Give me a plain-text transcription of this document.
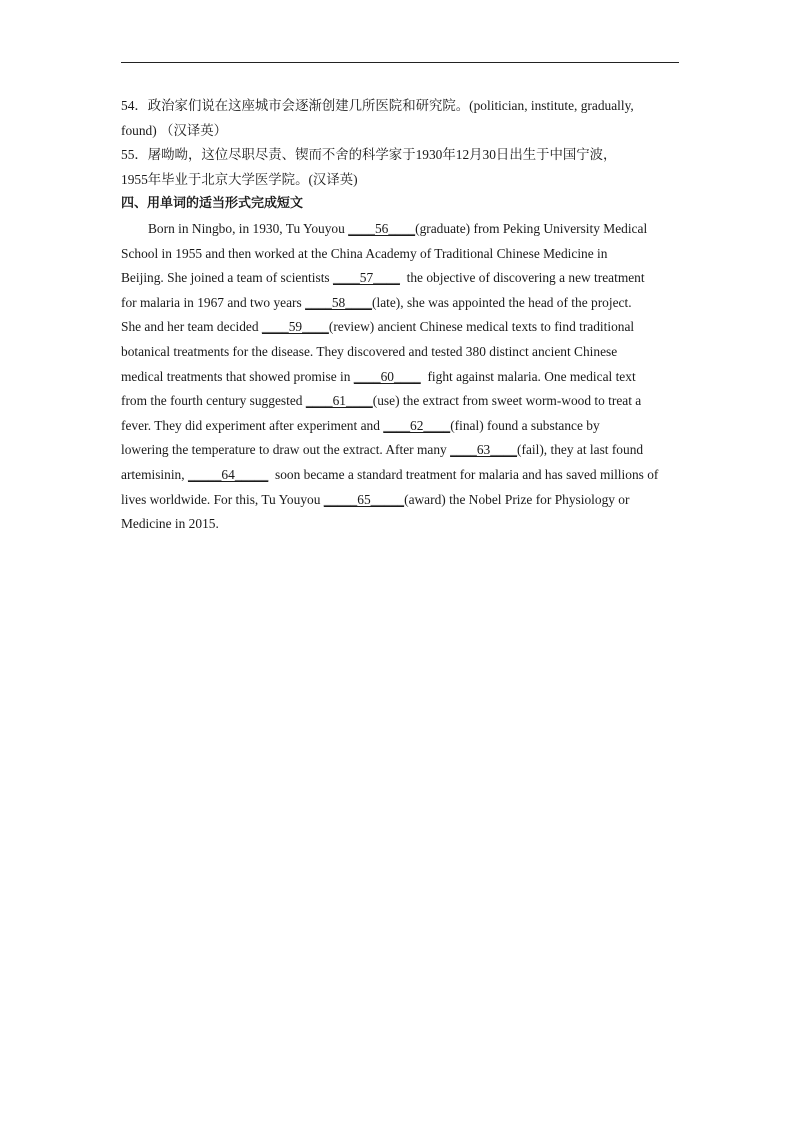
54．政治家们说在这座城市会逐渐创建几所医院和研究院。(politician, institute, gradually,
found) （汉译英）
55．屠呦呦，这位尽职尽责、锲而不舍的科学家于1930年12月30日出生于中国宁波，
1955年毕业于北京大学医学院。(汉译英)
四、用单词的适当形式完成短文
Born in Ningbo, in 1930, Tu Youyou ____56____(graduate) from Peking University Medical
School in 1955 and then worked at the China Academy of Traditional Chinese Medicine in
Beijing. She joined a team of scientists ____57____  the objective of discovering a new treatment
for malaria in 1967 and two years ____58____(late), she was appointed the head of the project.
She and her team decided ____59____(review) ancient Chinese medical texts to find traditional
botanical treatments for the disease. They discovered and tested 380 distinct ancient Chinese
medical treatments that showed promise in ____60____  fight against malaria. One medical text
from the fourth century suggested ____61____(use) the extract from sweet worm-wood to treat a
fever. They did experiment after experiment and ____62____(final) found a substance by
lowering the temperature to draw out the extract. After many ____63____(fail), they at last found
artemisinin, _____64_____  soon became a standard treatment for malaria and has saved millions of
lives worldwide. For this, Tu Youyou _____65_____(award) the Nobel Prize for Physiology or
Medicine in 2015.
